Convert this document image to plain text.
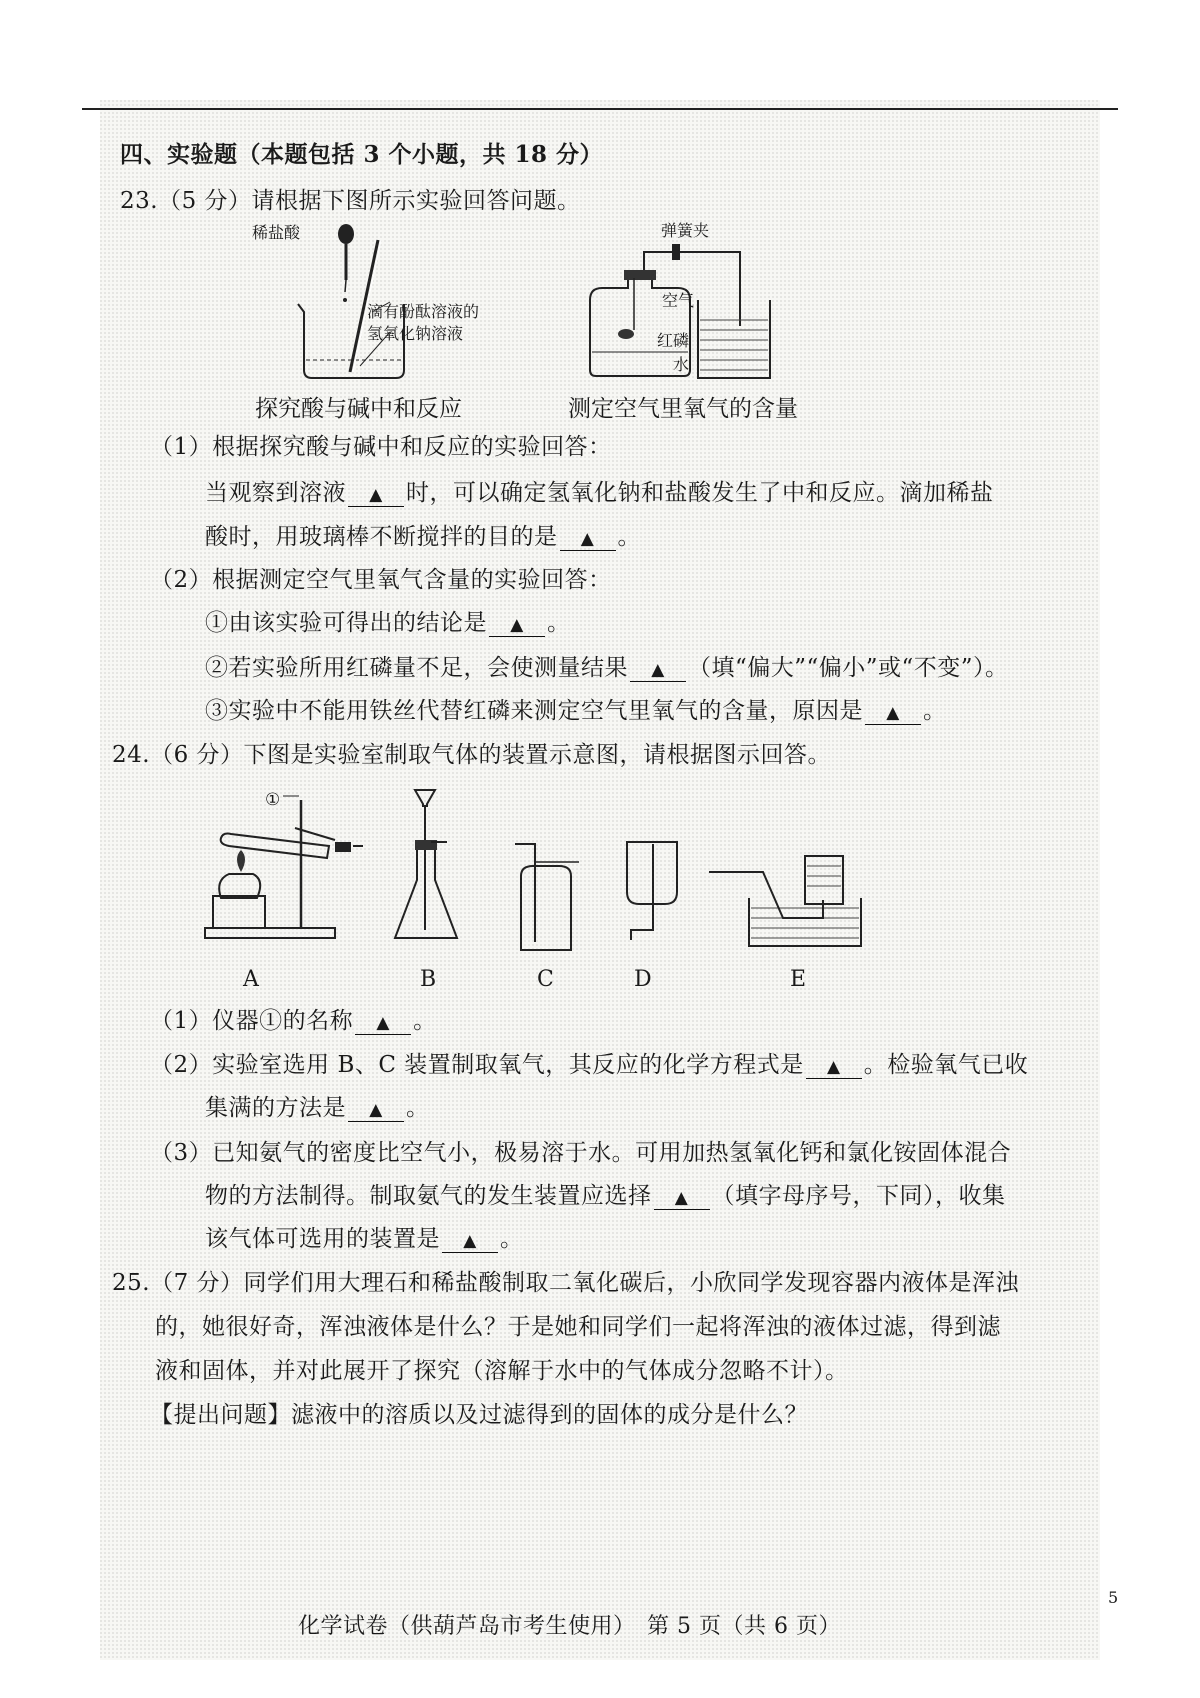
四、实验题（本题包括 3 个小题，共 18 分）
23.（5 分）请根据下图所示实验回答问题。
稀盐酸
滴有酚酞溶液的
氢氧化钠溶液
探究酸与碱中和反应
弹簧夹
空气
红磷
水
测定空气里氧气的含量
（1）根据探究酸与碱中和反应的实验回答：
当观察到溶液 ▲ 时，可以确定氢氧化钠和盐酸发生了中和反应。滴加稀盐
酸时，用玻璃棒不断搅拌的目的是 ▲ 。
（2）根据测定空气里氧气含量的实验回答：
①由该实验可得出的结论是 ▲ 。
②若实验所用红磷量不足，会使测量结果 ▲ （填“偏大”“偏小”或“不变”）。
③实验中不能用铁丝代替红磷来测定空气里氧气的含量，原因是 ▲ 。
24.（6 分）下图是实验室制取气体的装置示意图，请根据图示回答。
①
A	B	C	D	E
（1）仪器①的名称 ▲ 。
（2）实验室选用 B、C 装置制取氧气，其反应的化学方程式是 ▲ 。检验氧气已收
集满的方法是 ▲ 。
（3）已知氨气的密度比空气小，极易溶于水。可用加热氢氧化钙和氯化铵固体混合
物的方法制得。制取氨气的发生装置应选择 ▲ （填字母序号，下同），收集
该气体可选用的装置是 ▲ 。
25.（7 分）同学们用大理石和稀盐酸制取二氧化碳后，小欣同学发现容器内液体是浑浊
的，她很好奇，浑浊液体是什么？于是她和同学们一起将浑浊的液体过滤，得到滤
液和固体，并对此展开了探究（溶解于水中的气体成分忽略不计）。
【提出问题】滤液中的溶质以及过滤得到的固体的成分是什么？
5
化学试卷（供葫芦岛市考生使用）　第 5 页（共 6 页）
